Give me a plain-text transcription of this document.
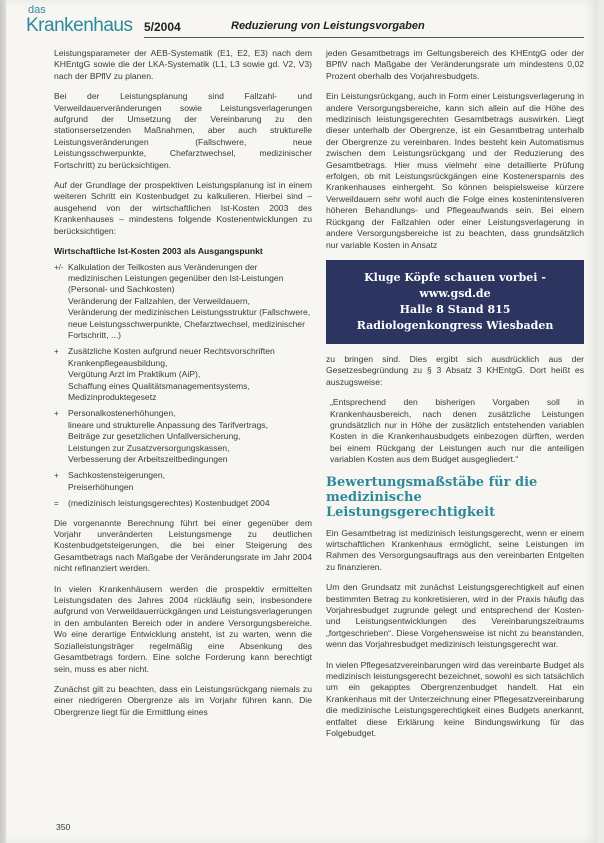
das
Krankenhaus 5/2004	Reduzierung von Leistungsvorgaben

Leistungsparameter der AEB-Systematik (E1, E2, E3) nach dem KHEntgG sowie die der LKA-Systematik (L1, L3 sowie gd. V2, V3) nach der BPflV zu planen.

Bei der Leistungsplanung sind Fallzahl- und Verweildauerveränderungen sowie Leistungsverlagerungen aufgrund der Umsetzung der Vereinbarung zu den stationsersetzenden Maßnahmen, aber auch strukturelle Leistungsveränderungen (Fallschwere, neue Leistungsschwerpunkte, Chefarztwechsel, medizinischer Fortschritt) zu berücksichtigen.

Auf der Grundlage der prospektiven Leistungsplanung ist in einem weiteren Schritt ein Kostenbudget zu kalkulieren. Hierbei sind – ausgehend von der wirtschaftlichen Ist-Kosten 2003 des Krankenhauses – mindestens folgende Kostenentwicklungen zu berücksichtigen:

Wirtschaftliche Ist-Kosten 2003 als Ausgangspunkt
+/- Kalkulation der Teilkosten aus Veränderungen der medizinischen Leistungen gegenüber den Ist-Leistungen (Personal- und Sachkosten)
Veränderung der Fallzahlen, der Verweildauern,
Veränderung der medizinischen Leistungsstruktur (Fallschwere, neue Leistungsschwerpunkte, Chefarztwechsel, medizinischer Fortschritt, ...)
+ Zusätzliche Kosten aufgrund neuer Rechtsvorschriften
Krankenpflegeausbildung,
Vergütung Arzt im Praktikum (AiP),
Schaffung eines Qualitätsmanagementsystems,
Medizinproduktegesetz
+ Personalkostenerhöhungen,
lineare und strukturelle Anpassung des Tarifvertrags,
Beiträge zur gesetzlichen Unfallversicherung,
Leistungen zur Zusatzversorgungskassen,
Verbesserung der Arbeitszeitbedingungen
+ Sachkostensteigerungen,
Preiserhöhungen
= (medizinisch leistungsgerechtes) Kostenbudget 2004

Die vorgenannte Berechnung führt bei einer gegenüber dem Vorjahr unveränderten Leistungsmenge zu deutlichen Kostenbudgetsteigerungen, die bei einer Steigerung des Gesamtbetrags nach Maßgabe der Veränderungsrate im Jahr 2004 nicht refinanziert werden.

In vielen Krankenhäusern werden die prospektiv ermittelten Leistungsdaten des Jahres 2004 rückläufig sein, insbesondere aufgrund von Verweildauerrückgängen und Leistungsverlagerungen in den ambulanten Bereich oder in andere Versorgungsbereiche. Wo eine derartige Entwicklung ansteht, ist zu warten, wenn die Sozialleistungsträger regelmäßig eine Absenkung des Gesamtbetrags fordern. Eine solche Forderung kann berechtigt sein, muss es aber nicht.

Zunächst gilt zu beachten, dass ein Leistungsrückgang niemals zu einer niedrigeren Obergrenze als im Vorjahr führen kann. Die Obergrenze liegt für die Ermittlung eines

jeden Gesamtbetrags im Geltungsbereich des KHEntgG oder der BPflV nach Maßgabe der Veränderungsrate um mindestens 0,02 Prozent oberhalb des Vorjahresbudgets.

Ein Leistungsrückgang, auch in Form einer Leistungsverlagerung in andere Versorgungsbereiche, kann sich allein auf die Höhe des medizinisch leistungsgerechten Gesamtbetrags auswirken. Liegt dieser unterhalb der Obergrenze, ist ein Gesamtbetrag unterhalb der Obergrenze zu vereinbaren. Indes besteht kein Automatismus zwischen dem Leistungsrückgang und der Reduzierung des Gesamtbetrags. Hier muss vielmehr eine detaillierte Prüfung erfolgen, ob mit Leistungsrückgängen eine Kostenersparnis des Krankenhauses einhergeht. So können beispielsweise kürzere Verweildauern sehr wohl auch die Folge eines kostenintensiveren höheren Behandlungs- und Pflegeaufwands sein. Bei einem Rückgang der Fallzahlen oder einer Leistungsverlagerung in andere Versorgungsbereiche ist zu beachten, dass grundsätzlich nur variable Kosten in Ansatz

Kluge Köpfe schauen vorbei - www.gsd.de
Halle 8 Stand 815
Radiologenkongress Wiesbaden

zu bringen sind. Dies ergibt sich ausdrücklich aus der Gesetzesbegründung zu § 3 Absatz 3 KHEntgG. Dort heißt es auszugsweise:

„Entsprechend den bisherigen Vorgaben soll in Krankenhausbereich, nach denen zusätzliche Leistungen grundsätzlich nur in Höhe der zusätzlich entstehenden variablen Kosten in die Krankenhausbudgets einbezogen dürften, werden bei einem Rückgang der Leistungen auch nur die anteiligen variablen Kosten aus dem Budget ausgegliedert.“

Bewertungsmaßstäbe für die medizinische Leistungsgerechtigkeit

Ein Gesamtbetrag ist medizinisch leistungsgerecht, wenn er einem wirtschaftlichen Krankenhaus ermöglicht, seine Leistungen im Rahmen des Versorgungsauftrags aus den vereinbarten Entgelten zu finanzieren.

Um den Grundsatz mit zunächst Leistungsgerechtigkeit auf einen bestimmten Betrag zu konkretisieren, wird in der Praxis häufig das Vorjahresbudget zugrunde gelegt und entsprechend der Kosten- und Leistungsentwicklungen des Vereinbarungszeitraums „fortgeschrieben“. Diese Vorgehensweise ist nicht zu beanstanden, wenn das Vorjahresbudget medizinisch leistungsgerecht war.

In vielen Pflegesatzvereinbarungen wird das vereinbarte Budget als medizinisch leistungsgerecht bezeichnet, sowohl es sich tatsächlich um ein gekapptes Obergrenzenbudget handelt. Hat ein Krankenhaus mit der Unterzeichnung einer Pflegesatzvereinbarung die medizinische Leistungsgerechtigkeit eines Budgets anerkannt, entfaltet diese Erklärung keine Bindungswirkung für das Folgebudget.

350
